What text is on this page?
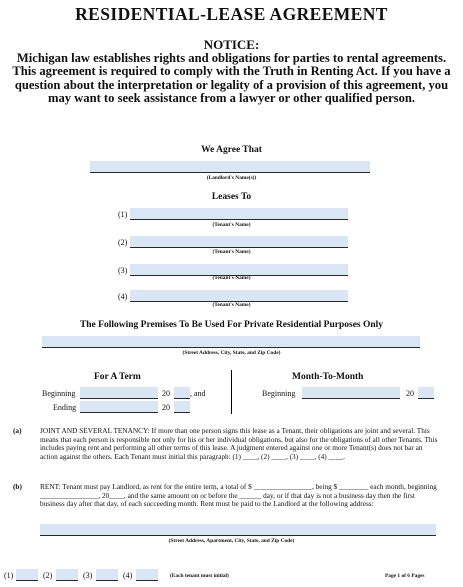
RESIDENTIAL-LEASE AGREEMENT
NOTICE:
Michigan law establishes rights and obligations for parties to rental agreements. This agreement is required to comply with the Truth in Renting Act. If you have a question about the interpretation or legality of a provision of this agreement, you may want to seek assistance from a lawyer or other qualified person.
We Agree That
(Landlord's Name(s))
Leases To
(1)
(Tenant's Name)
(2)
(Tenant's Name)
(3)
(Tenant's Name)
(4)
(Tenant's Name)
The Following Premises To Be Used For Private Residential Purposes Only
(Street Address, City, State, and Zip Code)
For A Term	Month-To-Month
Beginning	20	, and
Ending	20
Beginning	20
(a)	JOINT AND SEVERAL TENANCY: If more than one person signs this lease as a Tenant, their obligations are joint and several. This means that each person is responsible not only for his or her individual obligations, but also for the obligations of all other Tenants. This includes paying rent and performing all other terms of this lease. A judgment entered against one or more Tenant(s) does not bar an action against the others. Each Tenant must initial this paragraph: (1) ____, (2) ____, (3) ____, (4) ____.
(b) RENT: Tenant must pay Landlord, as rent for the entire term, a total of $ ________________, being $ ________ each month, beginning ________________, 20____, and the same amount on or before the ______ day, or if that day is not a business day then the first business day after that day, of each succeeding month. Rent must be paid to the Landlord at the following address:
(Street Address, Apartment, City, State, and Zip Code)
(1)	(2)	(3)	(4)	(Each tenant must initial)	Page 1 of 6 Pages
